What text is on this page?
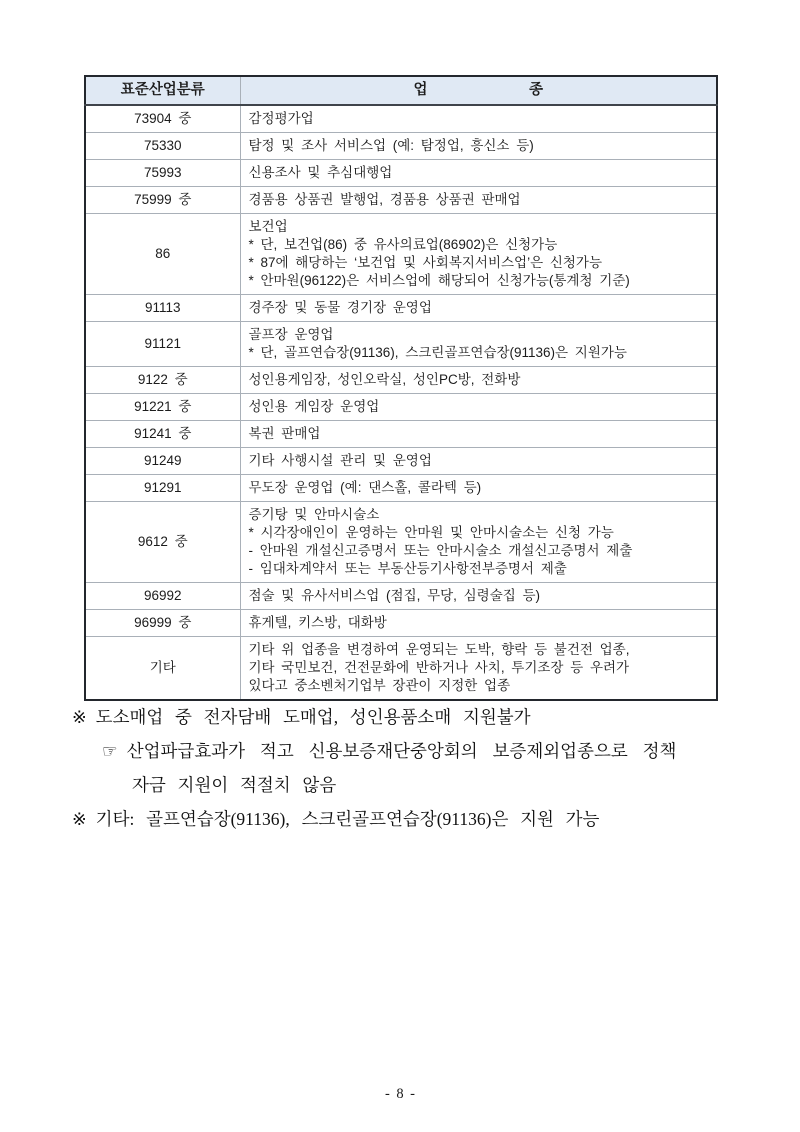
표준산업분류	업　　　　　　　종
73904 중	감정평가업

75330	탐정 및 조사 서비스업 (예: 탐정업, 흥신소 등)

75993	신용조사 및 추심대행업

75999 중	경품용 상품권 발행업, 경품용 상품권 판매업

86	보건업
* 단, 보건업(86) 중 유사의료업(86902)은 신청가능
* 87에 해당하는 ‘보건업 및 사회복지서비스업’은 신청가능
* 안마원(96122)은 서비스업에 해당되어 신청가능(통계청 기준)

91113	경주장 및 동물 경기장 운영업

91121	골프장 운영업
* 단, 골프연습장(91136), 스크린골프연습장(91136)은 지원가능

9122 중	성인용게임장, 성인오락실, 성인PC방, 전화방

91221 중	성인용 게임장 운영업

91241 중	복권 판매업

91249	기타 사행시설 관리 및 운영업

91291	무도장 운영업 (예: 댄스홀, 콜라텍 등)

9612 중	증기탕 및 안마시술소
* 시각장애인이 운영하는 안마원 및 안마시술소는 신청 가능
- 안마원 개설신고증명서 또는 안마시술소 개설신고증명서 제출
- 임대차계약서 또는 부동산등기사항전부증명서 제출

96992	점술 및 유사서비스업 (점집, 무당, 심령술집 등)

96999 중	휴게텔, 키스방, 대화방

기타	기타 위 업종을 변경하여 운영되는 도박, 향락 등 불건전 업종,
기타 국민보건, 건전문화에 반하거나 사치, 투기조장 등 우려가
있다고 중소벤처기업부 장관이 지정한 업종
※ 도소매업 중 전자담배 도매업, 성인용품소매 지원불가
☞ 산업파급효과가 적고 신용보증재단중앙회의 보증제외업종으로 정책
자금 지원이 적절치 않음
※ 기타: 골프연습장(91136), 스크린골프연습장(91136)은 지원 가능
- 8 -
